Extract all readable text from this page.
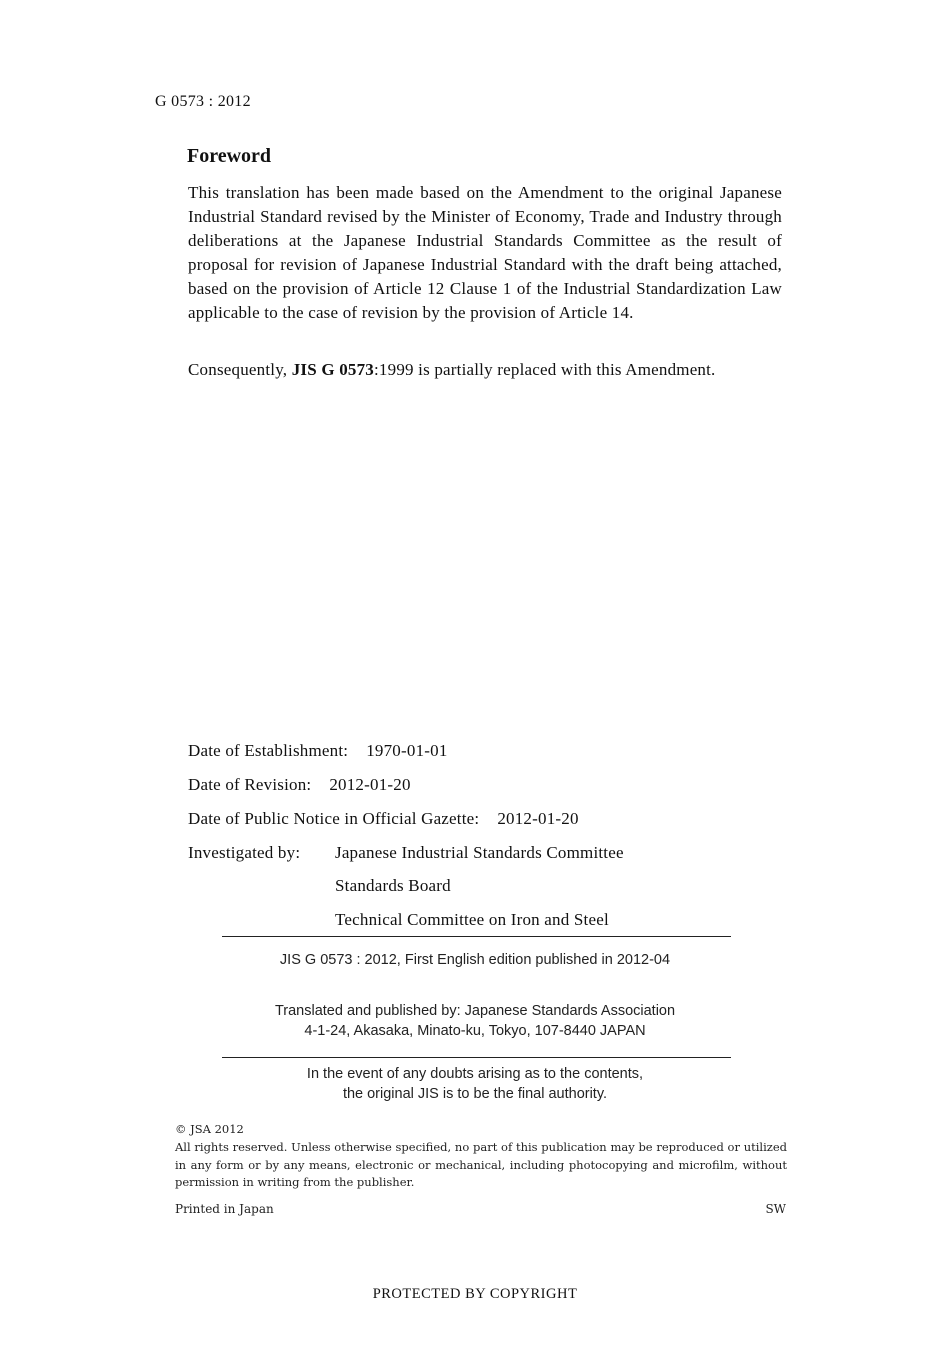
G 0573 : 2012
Foreword
This translation has been made based on the Amendment to the original Japanese Industrial Standard revised by the Minister of Economy, Trade and Industry through deliberations at the Japanese Industrial Standards Committee as the result of proposal for revision of Japanese Industrial Standard with the draft being attached, based on the provision of Article 12 Clause 1 of the Industrial Standardization Law applicable to the case of revision by the provision of Article 14.
Consequently, JIS G 0573:1999 is partially replaced with this Amendment.
Date of Establishment: 1970-01-01
Date of Revision: 2012-01-20
Date of Public Notice in Official Gazette: 2012-01-20
Investigated by: Japanese Industrial Standards Committee
Standards Board
Technical Committee on Iron and Steel
JIS G 0573 : 2012, First English edition published in 2012-04
Translated and published by: Japanese Standards Association
4-1-24, Akasaka, Minato-ku, Tokyo, 107-8440 JAPAN
In the event of any doubts arising as to the contents,
the original JIS is to be the final authority.
© JSA 2012
All rights reserved. Unless otherwise specified, no part of this publication may be reproduced or utilized in any form or by any means, electronic or mechanical, including photocopying and microfilm, without permission in writing from the publisher.
Printed in Japan	SW
PROTECTED BY COPYRIGHT
